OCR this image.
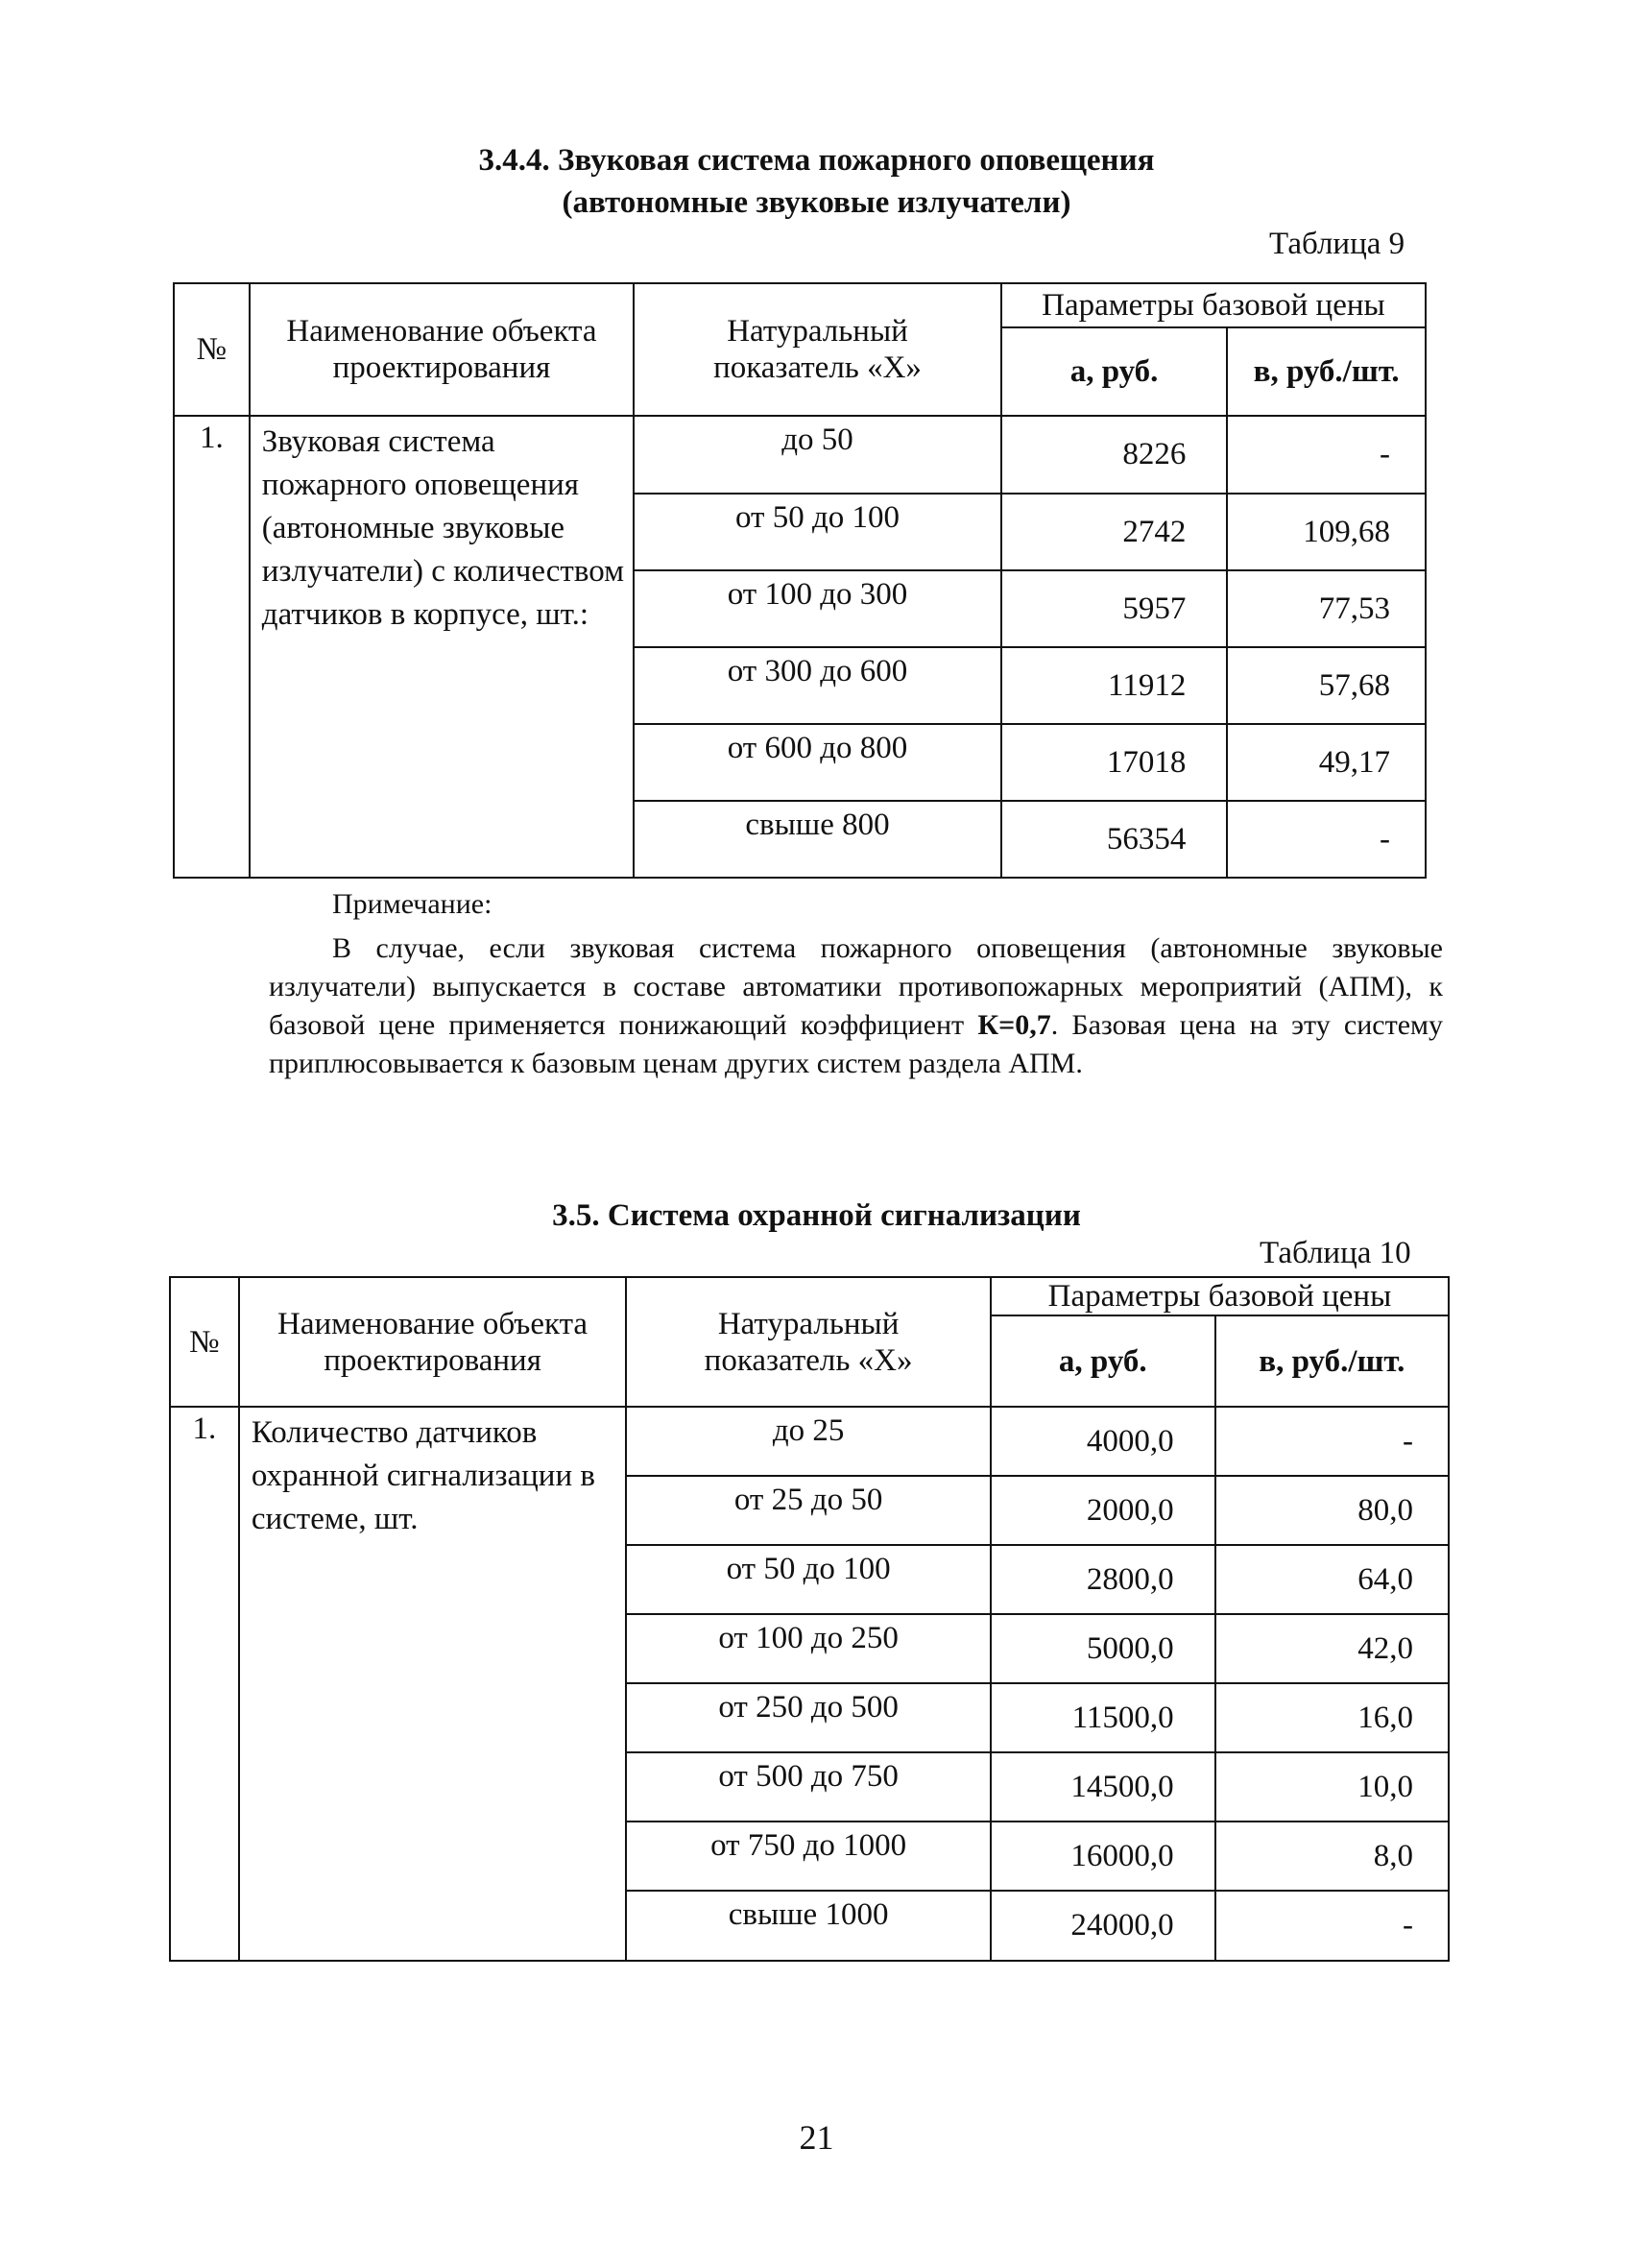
3.4.4. Звуковая система пожарного оповещения
(автономные звуковые излучатели)
Таблица 9
№	Наименование объекта проектирования	Натуральный показатель «X»	Параметры базовой цены	
			а, руб.	в, руб./шт.
1.	Звуковая система пожарного оповещения (автономные звуковые излучатели) с количеством датчиков в корпусе, шт.:	до 50	8226	-
		от 50 до 100	2742	109,68
		от 100 до 300	5957	77,53
		от 300 до 600	11912	57,68
		от 600 до 800	17018	49,17
		свыше 800	56354	-
Примечание:
В случае, если звуковая система пожарного оповещения (автономные звуковые излучатели) выпускается в составе автоматики противопожарных мероприятий (АПМ), к базовой цене применяется понижающий коэффициент К=0,7. Базовая цена на эту систему приплюсовывается к базовым ценам других систем раздела АПМ.
3.5. Система охранной сигнализации
Таблица 10
№	Наименование объекта проектирования	Натуральный показатель «X»	Параметры базовой цены	
			а, руб.	в, руб./шт.
1.	Количество датчиков охранной сигнализации в системе, шт.	до 25	4000,0	-
		от 25 до 50	2000,0	80,0
		от 50 до 100	2800,0	64,0
		от 100 до 250	5000,0	42,0
		от 250 до 500	11500,0	16,0
		от 500 до 750	14500,0	10,0
		от 750 до 1000	16000,0	8,0
		свыше 1000	24000,0	-
21
